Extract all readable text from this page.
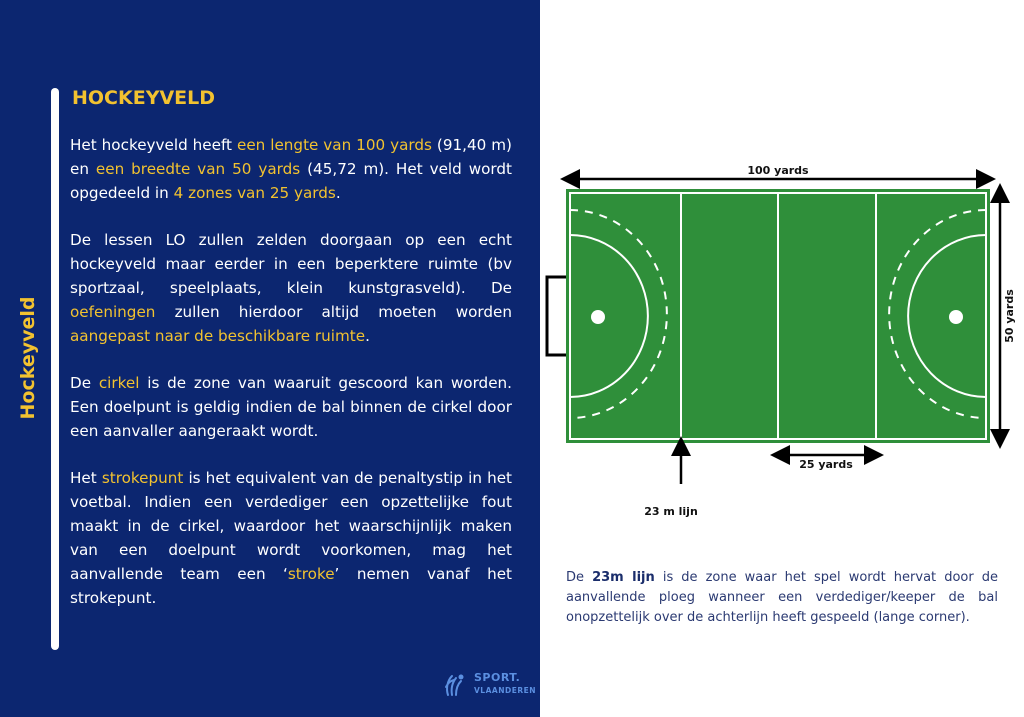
Hockeyveld
HOCKEYVELD
Het hockeyveld heeft een lengte van 100 yards (91,40 m) en een breedte van 50 yards (45,72 m). Het veld wordt opgedeeld in 4 zones van 25 yards.
De lessen LO zullen zelden doorgaan op een echt hockeyveld maar eerder in een beperktere ruimte (bv sportzaal, speelplaats, klein kunstgrasveld). De oefeningen zullen hierdoor altijd moeten worden aangepast naar de beschikbare ruimte.
De cirkel is de zone van waaruit gescoord kan worden. Een doelpunt is geldig indien de bal binnen de cirkel door een aanvaller aangeraakt wordt.
Het strokepunt is het equivalent van de penaltystip in het voetbal. Indien een verdediger een opzettelijke fout maakt in de cirkel, waardoor het waarschijnlijk maken van een doelpunt wordt voorkomen, mag het aanvallende team een ‘stroke’ nemen vanaf het strokepunt.
SPORT.
VLAANDEREN
100 yards
50 yards
25 yards
23 m lijn
De 23m lijn is de zone waar het spel wordt hervat door de aanvallende ploeg wanneer een verdediger/keeper de bal onopzettelijk over de achterlijn heeft gespeeld (lange corner).
